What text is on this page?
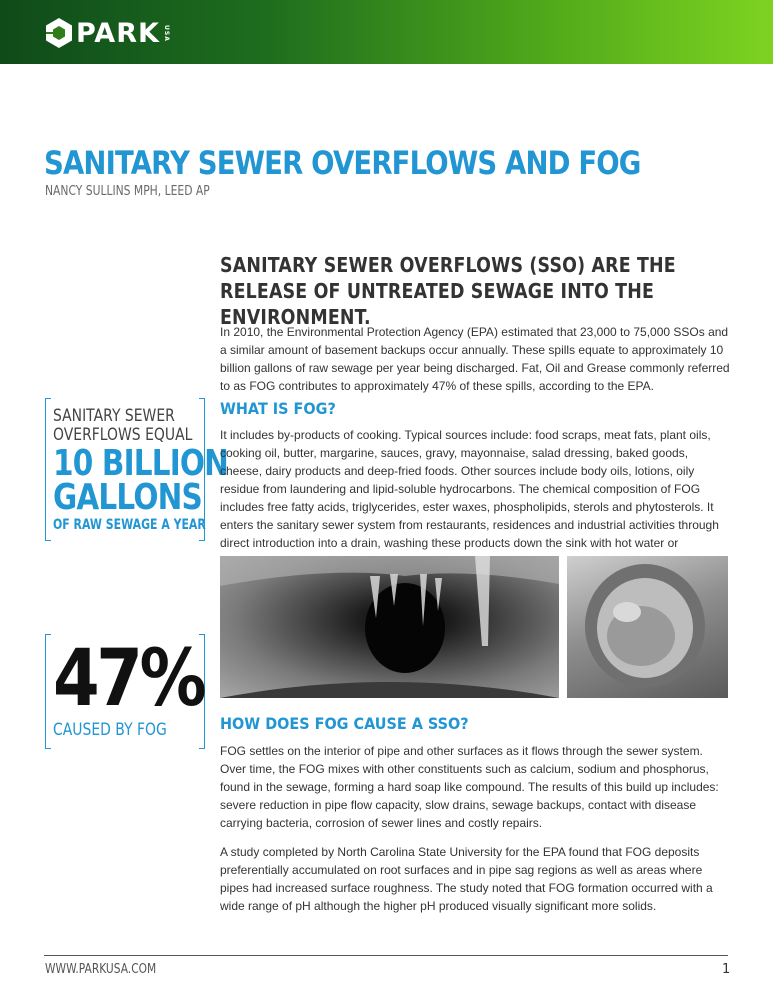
PARK USA
SANITARY SEWER OVERFLOWS AND FOG
NANCY SULLINS MPH, LEED AP
SANITARY SEWER OVERFLOWS (SSO) ARE THE RELEASE OF UNTREATED SEWAGE INTO THE ENVIRONMENT.

In 2010, the Environmental Protection Agency (EPA) estimated that 23,000 to 75,000 SSOs and a similar amount of basement backups occur annually. These spills equate to approximately 10 billion gallons of raw sewage per year being discharged. Fat, Oil and Grease commonly referred to as FOG contributes to approximately 47% of these spills, according to the EPA.

SANITARY SEWER
OVERFLOWS EQUAL
10 BILLION
GALLONS
OF RAW SEWAGE A YEAR
WHAT IS FOG?

It includes by-products of cooking. Typical sources include: food scraps, meat fats, plant oils, cooking oil, butter, margarine, sauces, gravy, mayonnaise, salad dressing, baked goods, cheese, dairy products and deep-fried foods. Other sources include body oils, lotions, oily residue from laundering and lipid-soluble hydrocarbons. The chemical composition of FOG includes free fatty acids, triglycerides, ester waxes, phospholipids, sterols and phytosterols. It enters the sanitary sewer system from restaurants, residences and industrial activities through direct introduction into a drain, washing these products down the sink with hot water or

47%
CAUSED BY FOG	HOW DOES FOG CAUSE A SSO?

FOG settles on the interior of pipe and other surfaces as it flows through the sewer system. Over time, the FOG mixes with other constituents such as calcium, sodium and phosphorus, found in the sewage, forming a hard soap like compound. The results of this build up includes: severe reduction in pipe flow capacity, slow drains, sewage backups, contact with disease carrying bacteria, corrosion of sewer lines and costly repairs.

A study completed by North Carolina State University for the EPA found that FOG deposits preferentially accumulated on root surfaces and in pipe sag regions as well as areas where pipes had increased surface roughness. The study noted that FOG formation occurred with a wide range of pH although the higher pH produced visually significant more solids.

WWW.PARKUSA.COM	1
